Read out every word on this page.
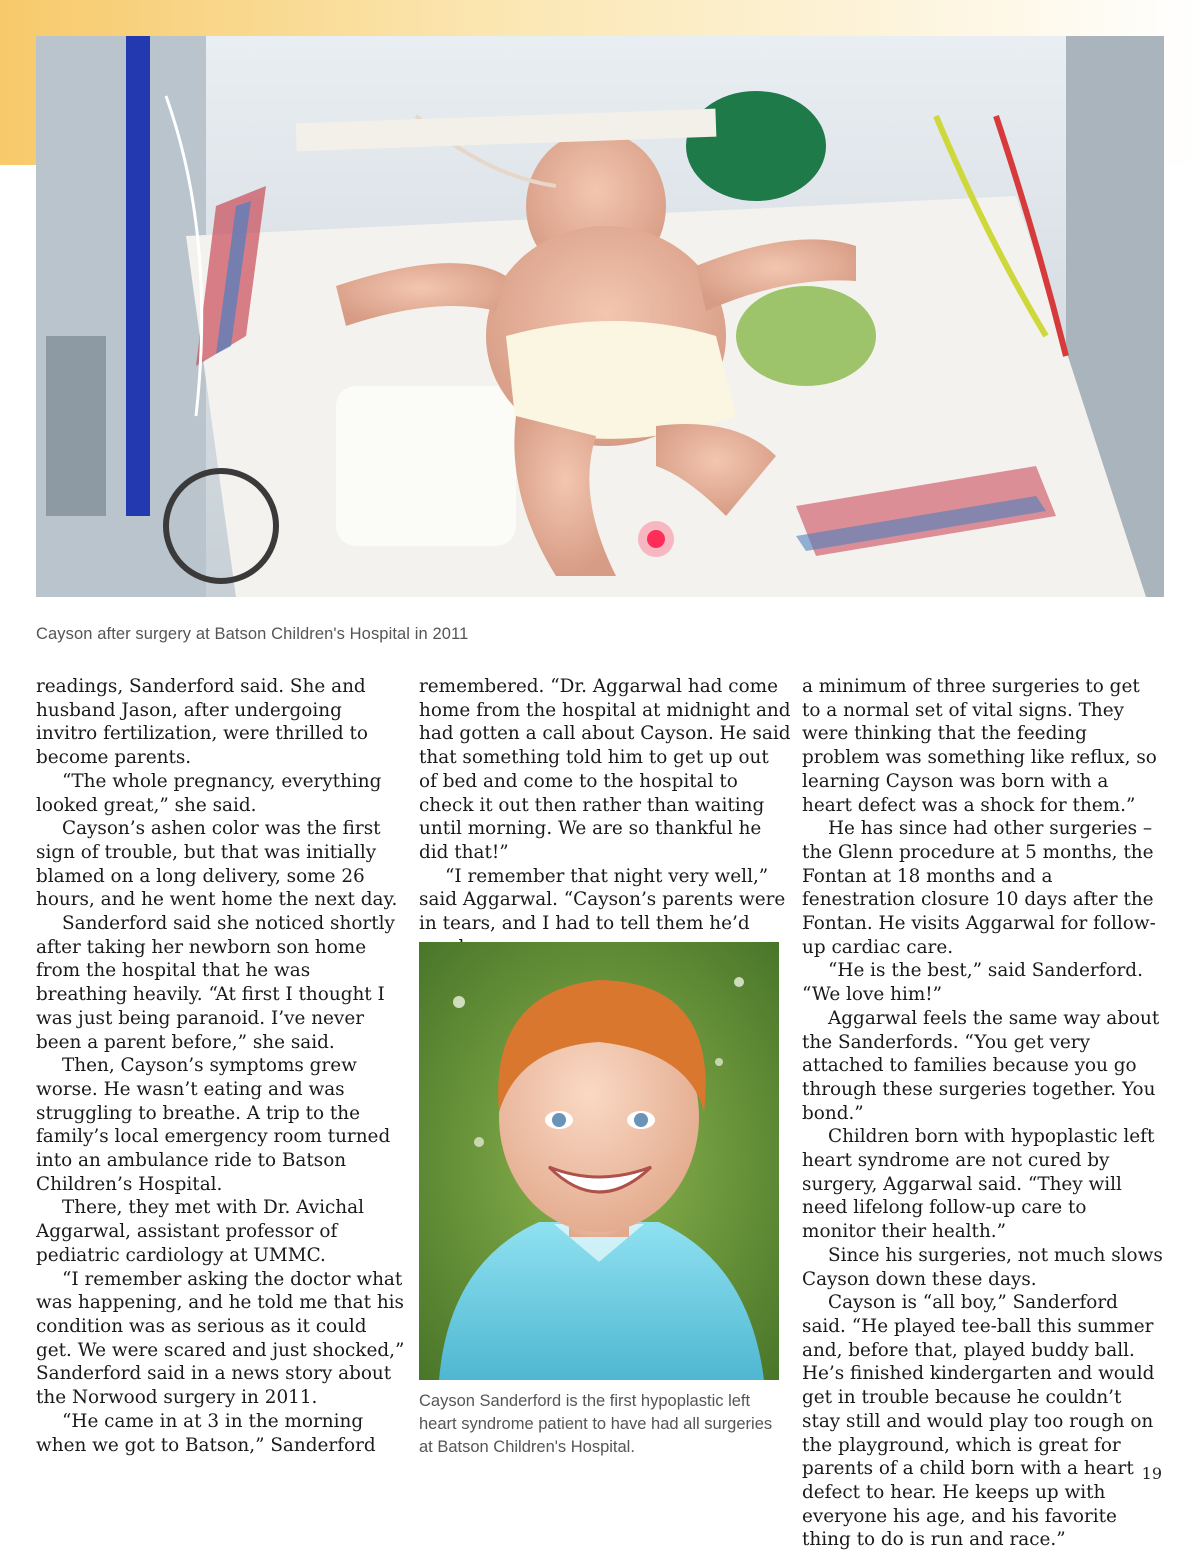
Cayson after surgery at Batson Children's Hospital in 2011

readings, Sanderford said. She and husband Jason, after undergoing invitro fertilization, were thrilled to become parents.

“The whole pregnancy, everything looked great,” she said.

Cayson’s ashen color was the first sign of trouble, but that was initially blamed on a long delivery, some 26 hours, and he went home the next day.

Sanderford said she noticed shortly after taking her newborn son home from the hospital that he was breathing heavily. “At first I thought I was just being paranoid. I’ve never been a parent before,” she said.

Then, Cayson’s symptoms grew worse. He wasn’t eating and was struggling to breathe. A trip to the family’s local emergency room turned into an ambulance ride to Batson Children’s Hospital.

There, they met with Dr. Avichal Aggarwal, assistant professor of pediatric cardiology at UMMC.

“I remember asking the doctor what was happening, and he told me that his condition was as serious as it could get. We were scared and just shocked,” Sanderford said in a news story about the Norwood surgery in 2011.

“He came in at 3 in the morning when we got to Batson,” Sanderford

remembered. “Dr. Aggarwal had come home from the hospital at midnight and had gotten a call about Cayson. He said that something told him to get up out of bed and come to the hospital to check it out then rather than waiting until morning. We are so thankful he did that!”

“I remember that night very well,” said Aggarwal. “Cayson’s parents were in tears, and I had to tell them he’d

Cayson Sanderford is the first hypoplastic left heart syndrome patient to have had all surgeries at Batson Children's Hospital.

a minimum of three surgeries to get to a normal set of vital signs. They were thinking that the feeding problem was something like reflux, so learning Cayson was born with a heart defect was a shock for them.”

He has since had other surgeries – the Glenn procedure at 5 months, the Fontan at 18 months and a fenestration closure 10 days after the Fontan. He visits Aggarwal for follow-up cardiac care.

“He is the best,” said Sanderford. “We love him!”

Aggarwal feels the same way about the Sanderfords. “You get very attached to families because you go through these surgeries together. You bond.”

Children born with hypoplastic left heart syndrome are not cured by surgery, Aggarwal said. “They will need lifelong follow-up care to monitor their health.”

Since his surgeries, not much slows Cayson down these days.

Cayson is “all boy,” Sanderford said. “He played tee-ball this summer and, before that, played buddy ball. He’s finished kindergarten and would get in trouble because he couldn’t stay still and would play too rough on the playground, which is great for parents of a child born with a heart defect to hear. He keeps up with everyone his age, and his favorite thing to do is run and race.”

19
